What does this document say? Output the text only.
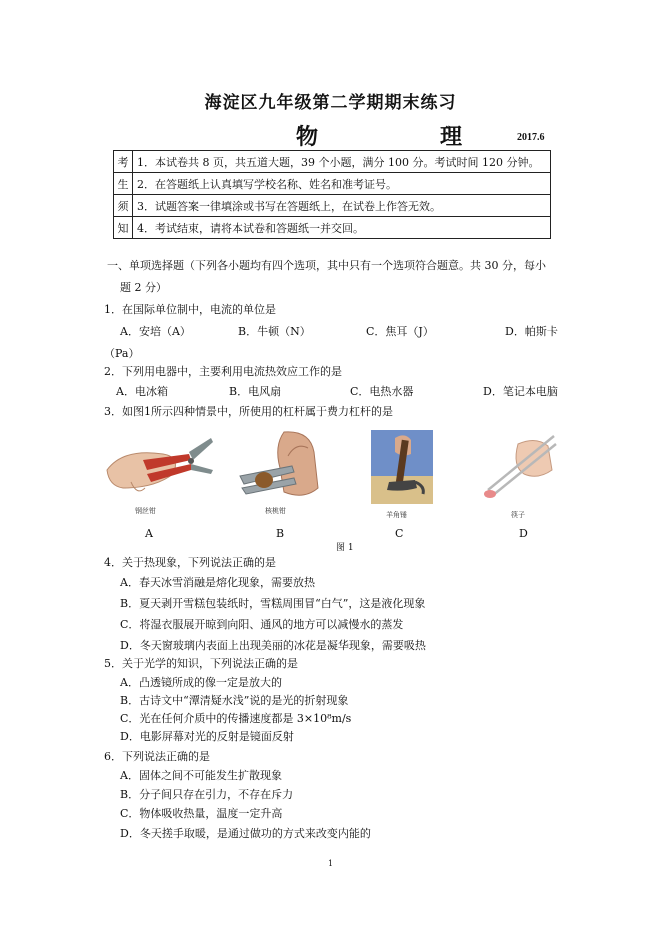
海淀区九年级第二学期期末练习
物　理 2017.6
考	1．本试卷共 8 页，共五道大题，39 个小题，满分 100 分。考试时间 120 分钟。
生	2．在答题纸上认真填写学校名称、姓名和准考证号。
须	3．试题答案一律填涂或书写在答题纸上，在试卷上作答无效。
知	4．考试结束，请将本试卷和答题纸一并交回。
一、单项选择题（下列各小题均有四个选项，其中只有一个选项符合题意。共 30 分，每小
题 2 分）
1．在国际单位制中，电流的单位是
A．安培（A）	B．牛顿（N）	C．焦耳（J）	D．帕斯卡
（Pa）
2．下列用电器中，主要利用电流热效应工作的是
A．电冰箱	B．电风扇	C．电热水器	D．笔记本电脑
3．如图1所示四种情景中，所使用的杠杆属于费力杠杆的是
钢丝钳	核桃钳	羊角锤	筷子
A	B	C	D
图 1
4．关于热现象，下列说法正确的是
A．春天冰雪消融是熔化现象，需要放热
B．夏天剥开雪糕包装纸时，雪糕周围冒“白气”，这是液化现象
C．将湿衣服展开晾到向阳、通风的地方可以减慢水的蒸发
D．冬天窗玻璃内表面上出现美丽的冰花是凝华现象，需要吸热
5．关于光学的知识，下列说法正确的是
A．凸透镜所成的像一定是放大的
B．古诗文中“潭清疑水浅”说的是光的折射现象
C．光在任何介质中的传播速度都是 3×10⁸m/s
D．电影屏幕对光的反射是镜面反射
6．下列说法正确的是
A．固体之间不可能发生扩散现象
B．分子间只存在引力，不存在斥力
C．物体吸收热量，温度一定升高
D．冬天搓手取暖，是通过做功的方式来改变内能的
1
